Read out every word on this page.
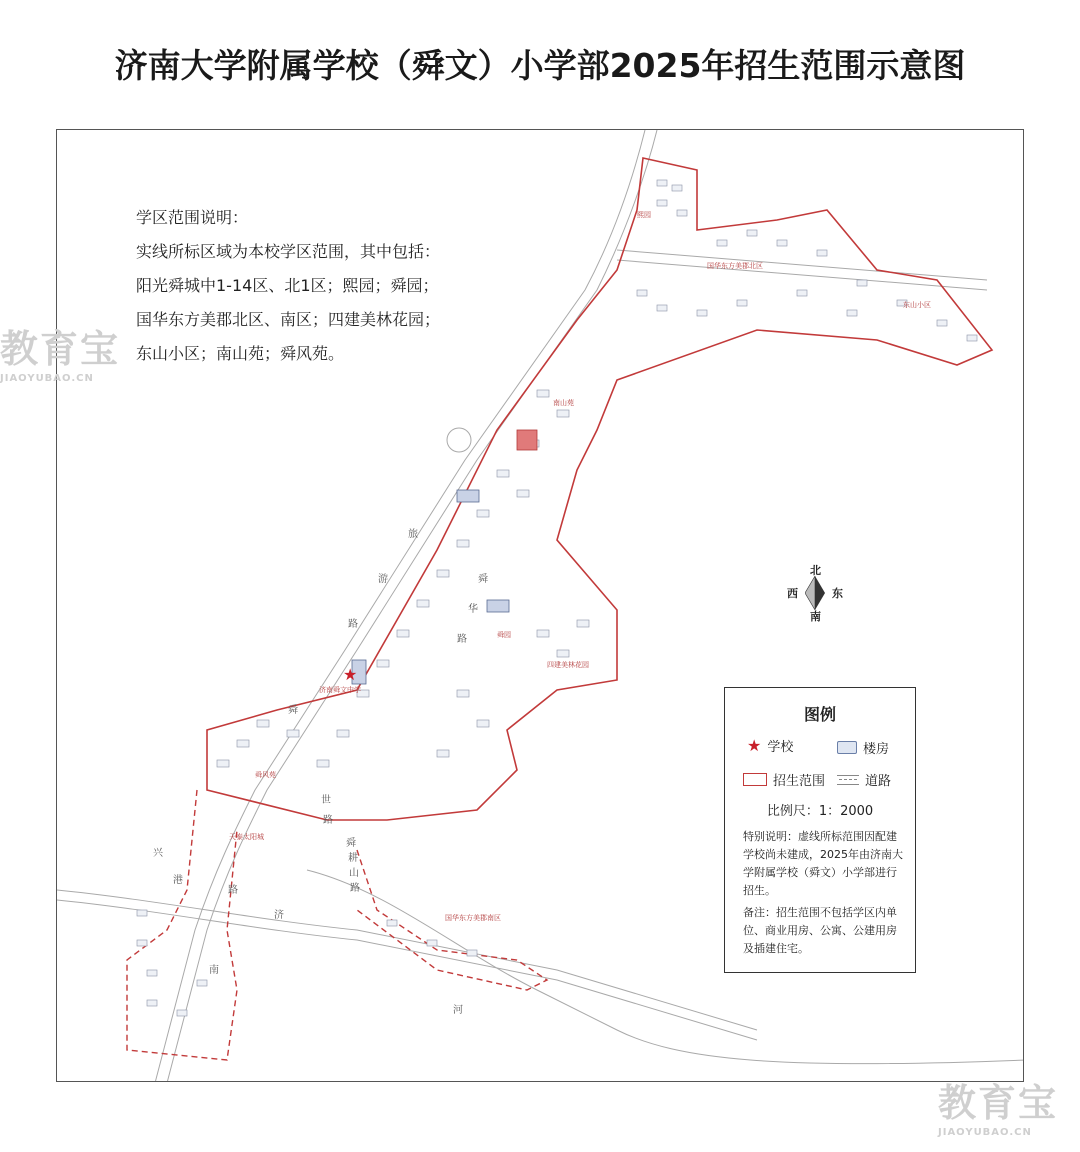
济南大学附属学校（舜文）小学部2025年招生范围示意图
★
学区范围说明：
实线所标区域为本校学区范围，其中包括：
阳光舜城中1-14区、北1区；熙园；舜园；
国华东方美郡北区、南区；四建美林花园；
东山小区；南山苑；舜风苑。
旅
游
路
舜
华
路
兴
港
路
济
南
河
舜
耕
山
路
舜
世
路
国华东方美郡北区
东山小区
南山苑
济南舜文中学
舜风苑
天泰太阳城
国华东方美郡南区
熙园
舜园
四建美林花园
北
西	东
南
图例
★ 学校	楼房
招生范围	道路
比例尺：1：2000
特别说明：虚线所标范围因配建学校尚未建成，2025年由济南大学附属学校（舜文）小学部进行招生。
备注：招生范围不包括学区内单位、商业用房、公寓、公建用房及插建住宅。
教育宝
JIAOYUBAO.CN
教育宝
JIAOYUBAO.CN
